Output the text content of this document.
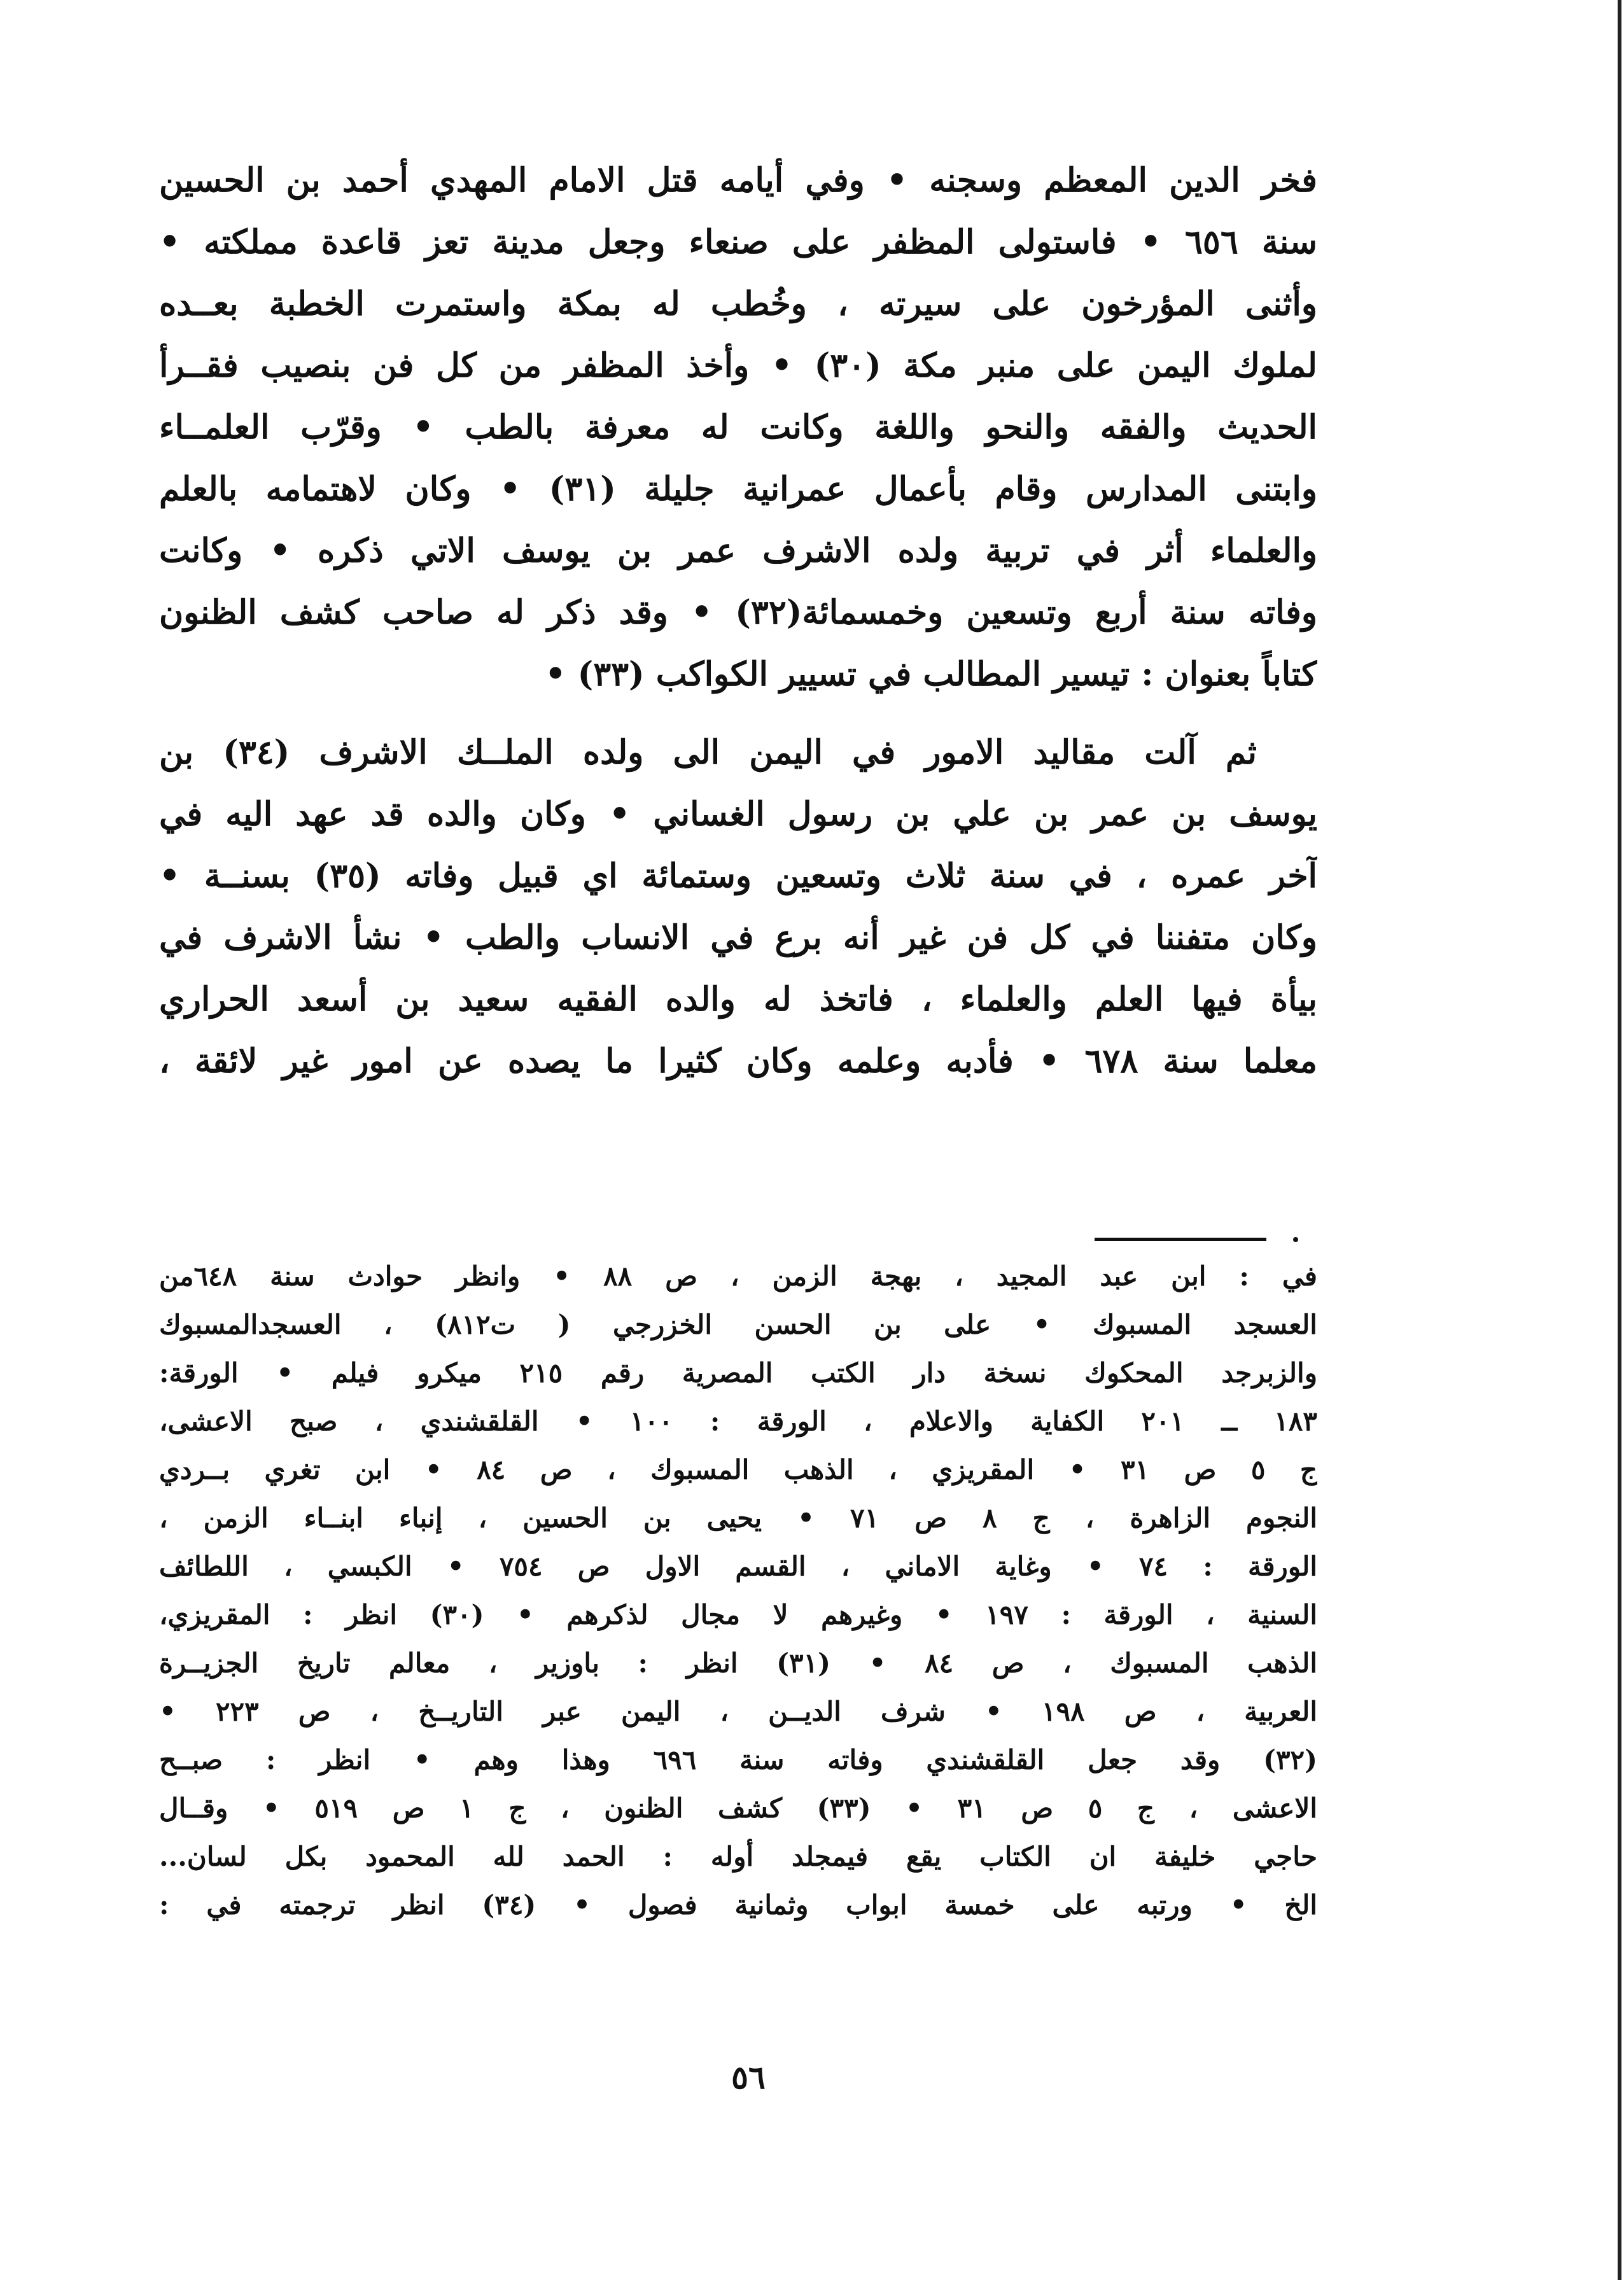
فخر الدين المعظم وسجنه • وفي أيامه قتل الامام المهدي أحمد بن الحسين
سنة ٦٥٦ • فاستولى المظفر على صنعاء وجعل مدينة تعز قاعدة مملكته •
وأثنى المؤرخون على سيرته ، وخُطب له بمكة واستمرت الخطبة بعــده
لملوك اليمن على منبر مكة (٣٠) • وأخذ المظفر من كل فن بنصيب فقــرأ
الحديث والفقه والنحو واللغة وكانت له معرفة بالطب • وقرّب العلمــاء
وابتنى المدارس وقام بأعمال عمرانية جليلة (٣١) • وكان لاهتمامه بالعلم
والعلماء أثر في تربية ولده الاشرف عمر بن يوسف الاتي ذكره • وكانت
وفاته سنة أربع وتسعين وخمسمائة(٣٢) • وقد ذكر له صاحب كشف الظنون
كتاباً بعنوان : تيسير المطالب في تسيير الكواكب (٣٣) •
ثم آلت مقاليد الامور في اليمن الى ولده الملــك الاشرف (٣٤) بن
يوسف بن عمر بن علي بن رسول الغساني • وكان والده قد عهد اليه في
آخر عمره ، في سنة ثلاث وتسعين وستمائة اي قبيل وفاته (٣٥) بسنــة •
وكان متفننا في كل فن غير أنه برع في الانساب والطب • نشأ الاشرف في
بيأة فيها العلم والعلماء ، فاتخذ له والده الفقيه سعيد بن أسعد الحراري
معلما سنة ٦٧٨ • فأدبه وعلمه وكان كثيرا ما يصده عن امور غير لائقة ،
في : ابن عبد المجيد ، بهجة الزمن ، ص ٨٨ • وانظر حوادث سنة ٦٤٨من
العسجد المسبوك • على بن الحسن الخزرجي ( ت٨١٢) ، العسجدالمسبوك
والزبرجد المحكوك نسخة دار الكتب المصرية رقم ٢١٥ ميكرو فيلم • الورقة:
١٨٣ ــ ٢٠١ الكفاية والاعلام ، الورقة : ١٠٠ • القلقشندي ، صبح الاعشى،
ج ٥ ص ٣١ • المقريزي ، الذهب المسبوك ، ص ٨٤ • ابن تغري بــردي
النجوم الزاهرة ، ج ٨ ص ٧١ • يحيى بن الحسين ، إنباء ابنــاء الزمن ،
الورقة : ٧٤ • وغاية الاماني ، القسم الاول ص ٧٥٤ • الكبسي ، اللطائف
السنية ، الورقة : ١٩٧ • وغيرهم لا مجال لذكرهم • (٣٠) انظر : المقريزي،
الذهب المسبوك ، ص ٨٤ • (٣١) انظر : باوزير ، معالم تاريخ الجزيــرة
العربية ، ص ١٩٨ • شرف الديــن ، اليمن عبر التاريــخ ، ص ٢٢٣ •
(٣٢) وقد جعل القلقشندي وفاته سنة ٦٩٦ وهذا وهم • انظر : صبــح
الاعشى ، ج ٥ ص ٣١ • (٣٣) كشف الظنون ، ج ١ ص ٥١٩ • وقــال
حاجي خليفة ان الكتاب يقع فيمجلد أوله : الحمد لله المحمود بكل لسان...
الخ • ورتبه على خمسة ابواب وثمانية فصول • (٣٤) انظر ترجمته في :
٥٦
